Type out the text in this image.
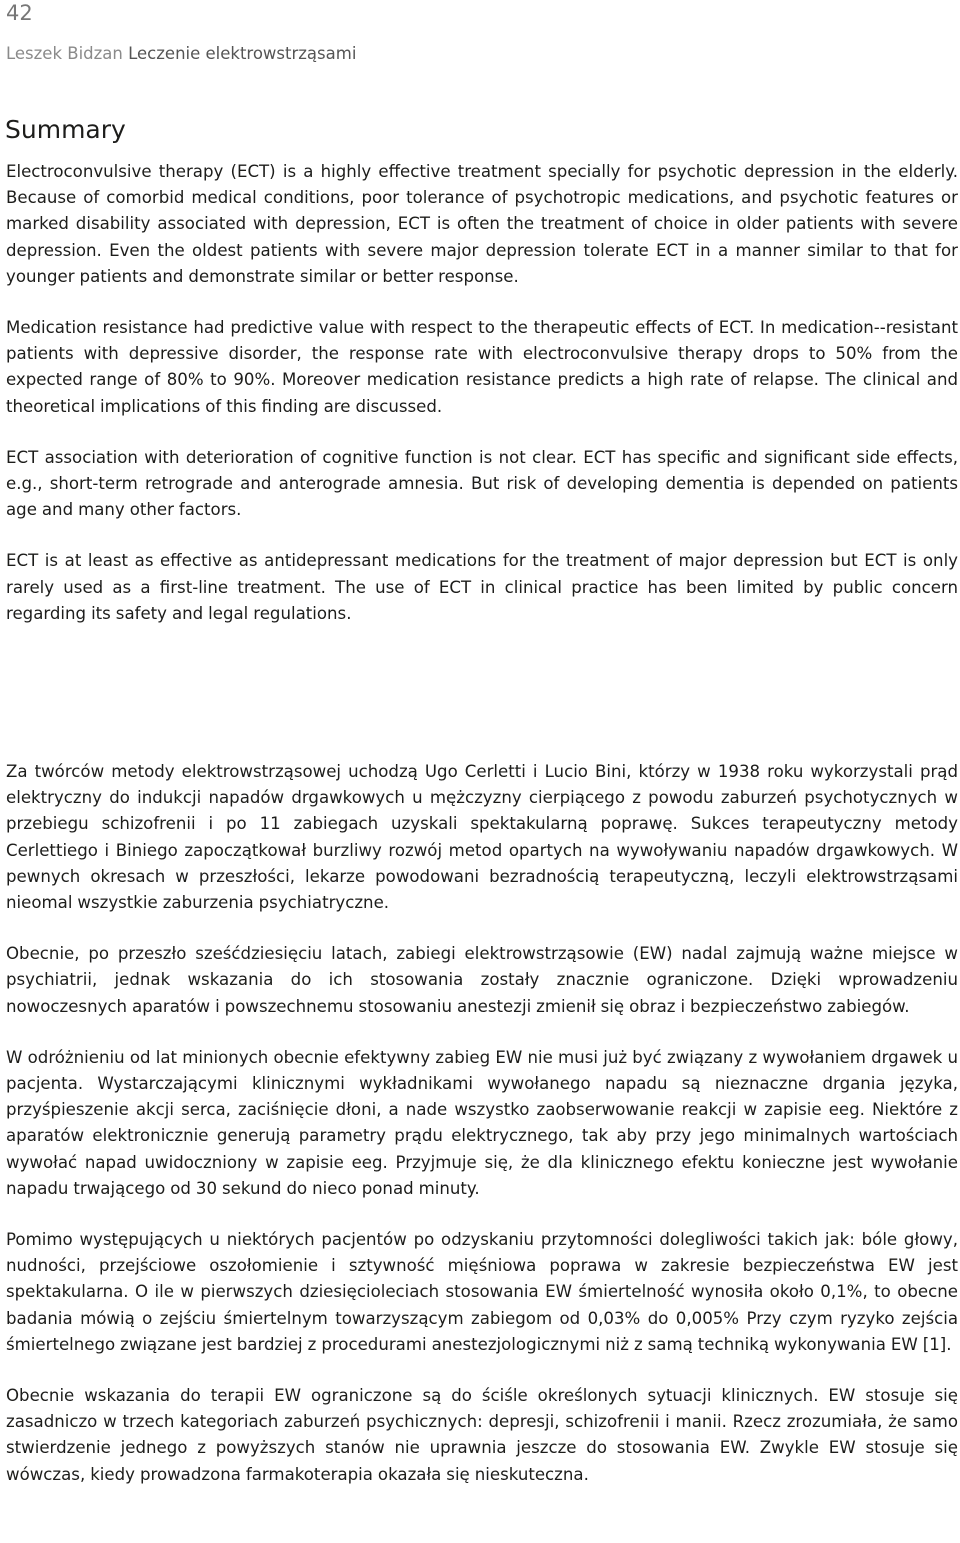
42
Leszek Bidzan Leczenie elektrowstrząsami
Summary

Electroconvulsive therapy (ECT) is a highly effective treatment specially for psychotic depression in the elderly. Because of comorbid medical conditions, poor tolerance of psychotropic medications, and psychotic features or marked disability associated with depression, ECT is often the treatment of choice in older patients with severe depression. Even the oldest patients with severe major depression tolerate ECT in a manner similar to that for younger patients and demonstrate similar or better response.

Medication resistance had predictive value with respect to the therapeutic effects of ECT. In medication--resistant patients with depressive disorder, the response rate with electroconvulsive therapy drops to 50% from the expected range of 80% to 90%. Moreover medication resistance predicts a high rate of relapse. The clinical and theoretical implications of this finding are discussed.

ECT association with deterioration of cognitive function is not clear. ECT has specific and significant side effects, e.g., short-term retrograde and anterograde amnesia. But risk of developing dementia is depended on patients age and many other factors.

ECT is at least as effective as antidepressant medications for the treatment of major depression but ECT is only rarely used as a first-line treatment. The use of ECT in clinical practice has been limited by public concern regarding its safety and legal regulations.

Za twórców metody elektrowstrząsowej uchodzą Ugo Cerletti i Lucio Bini, którzy w 1938 roku wykorzystali prąd elektryczny do indukcji napadów drgawkowych u mężczyzny cierpiącego z powodu zaburzeń psychotycznych w przebiegu schizofrenii i po 11 zabiegach uzyskali spektakularną poprawę. Sukces terapeutyczny metody Cerlettiego i Biniego zapoczątkował burzliwy rozwój metod opartych na wywoływaniu napadów drgawkowych. W pewnych okresach w przeszłości, lekarze powodowani bezradnością terapeutyczną, leczyli elektrowstrząsami nieomal wszystkie zaburzenia psychiatryczne.

Obecnie, po przeszło sześćdziesięciu latach, zabiegi elektrowstrząsowie (EW) nadal zajmują ważne miejsce w psychiatrii, jednak wskazania do ich stosowania zostały znacznie ograniczone. Dzięki wprowadzeniu nowoczesnych aparatów i powszechnemu stosowaniu anestezji zmienił się obraz i bezpieczeństwo zabiegów.

W odróżnieniu od lat minionych obecnie efektywny zabieg EW nie musi już być związany z wywołaniem drgawek u pacjenta. Wystarczającymi klinicznymi wykładnikami wywołanego napadu są nieznaczne drgania języka, przyśpieszenie akcji serca, zaciśnięcie dłoni, a nade wszystko zaobserwowanie reakcji w zapisie eeg. Niektóre z aparatów elektronicznie generują parametry prądu elektrycznego, tak aby przy jego minimalnych wartościach wywołać napad uwidoczniony w zapisie eeg. Przyjmuje się, że dla klinicznego efektu konieczne jest wywołanie napadu trwającego od 30 sekund do nieco ponad minuty.

Pomimo występujących u niektórych pacjentów po odzyskaniu przytomności dolegliwości takich jak: bóle głowy, nudności, przejściowe oszołomienie i sztywność mięśniowa poprawa w zakresie bezpieczeństwa EW jest spektakularna. O ile w pierwszych dziesięcioleciach stosowania EW śmiertelność wynosiła około 0,1%, to obecne badania mówią o zejściu śmiertelnym towarzyszącym zabiegom od 0,03% do 0,005% Przy czym ryzyko zejścia śmiertelnego związane jest bardziej z procedurami anestezjologicznymi niż z samą techniką wykonywania EW [1].

Obecnie wskazania do terapii EW ograniczone są do ściśle określonych sytuacji klinicznych. EW stosuje się zasadniczo w trzech kategoriach zaburzeń psychicznych: depresji, schizofrenii i manii. Rzecz zrozumiała, że samo stwierdzenie jednego z powyższych stanów nie uprawnia jeszcze do stosowania EW. Zwykle EW stosuje się wówczas, kiedy prowadzona farmakoterapia okazała się nieskuteczna.
